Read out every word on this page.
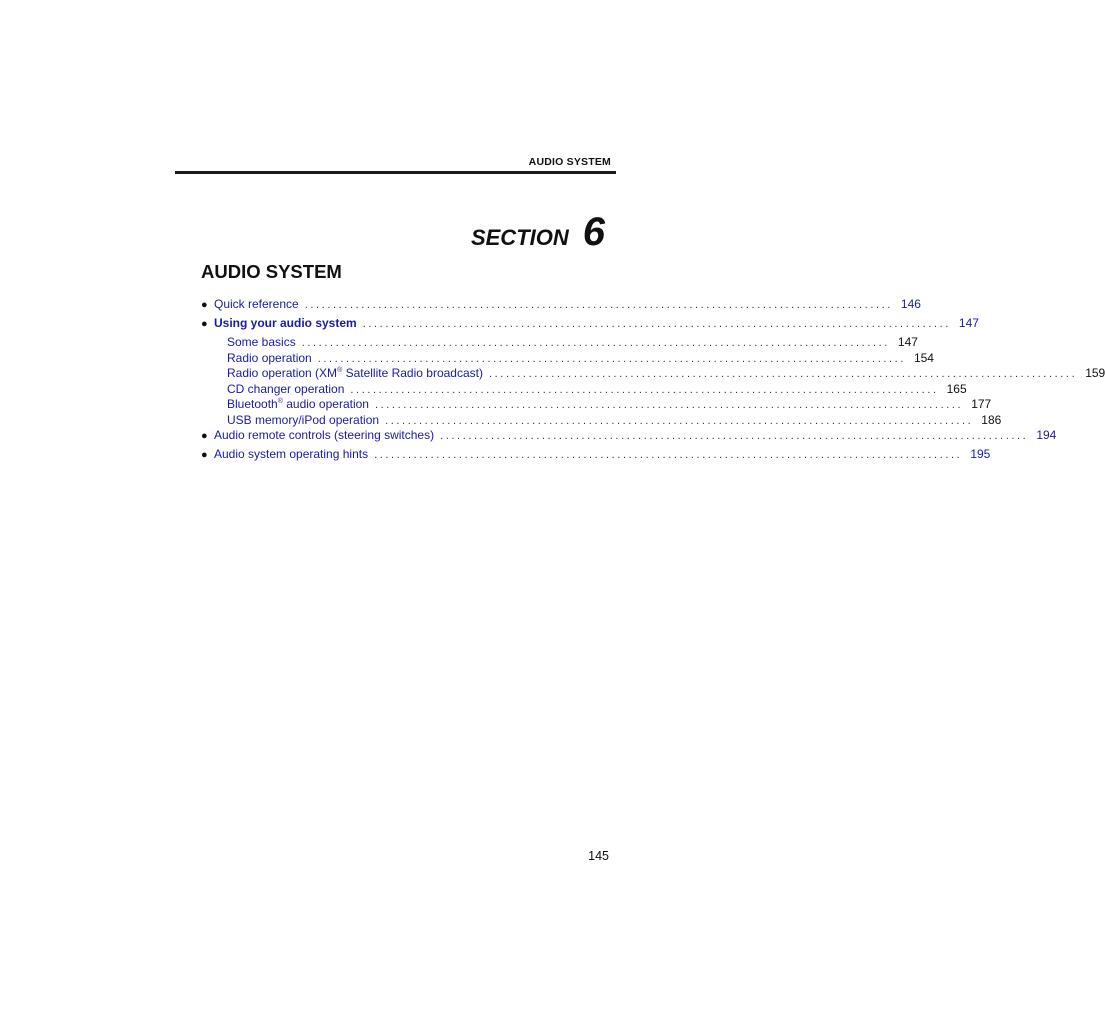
AUDIO SYSTEM
SECTION 6
AUDIO SYSTEM
● Quick reference ........................................................................................................ 146
● Using your audio system ........................................................................................................ 147
Some basics ........................................................................................................ 147
Radio operation ........................................................................................................ 154
Radio operation (XM® Satellite Radio broadcast) ........................................................................................................ 159
CD changer operation ........................................................................................................ 165
Bluetooth® audio operation ........................................................................................................ 177
USB memory/iPod operation ........................................................................................................ 186
● Audio remote controls (steering switches) ........................................................................................................ 194
● Audio system operating hints ........................................................................................................ 195
145
